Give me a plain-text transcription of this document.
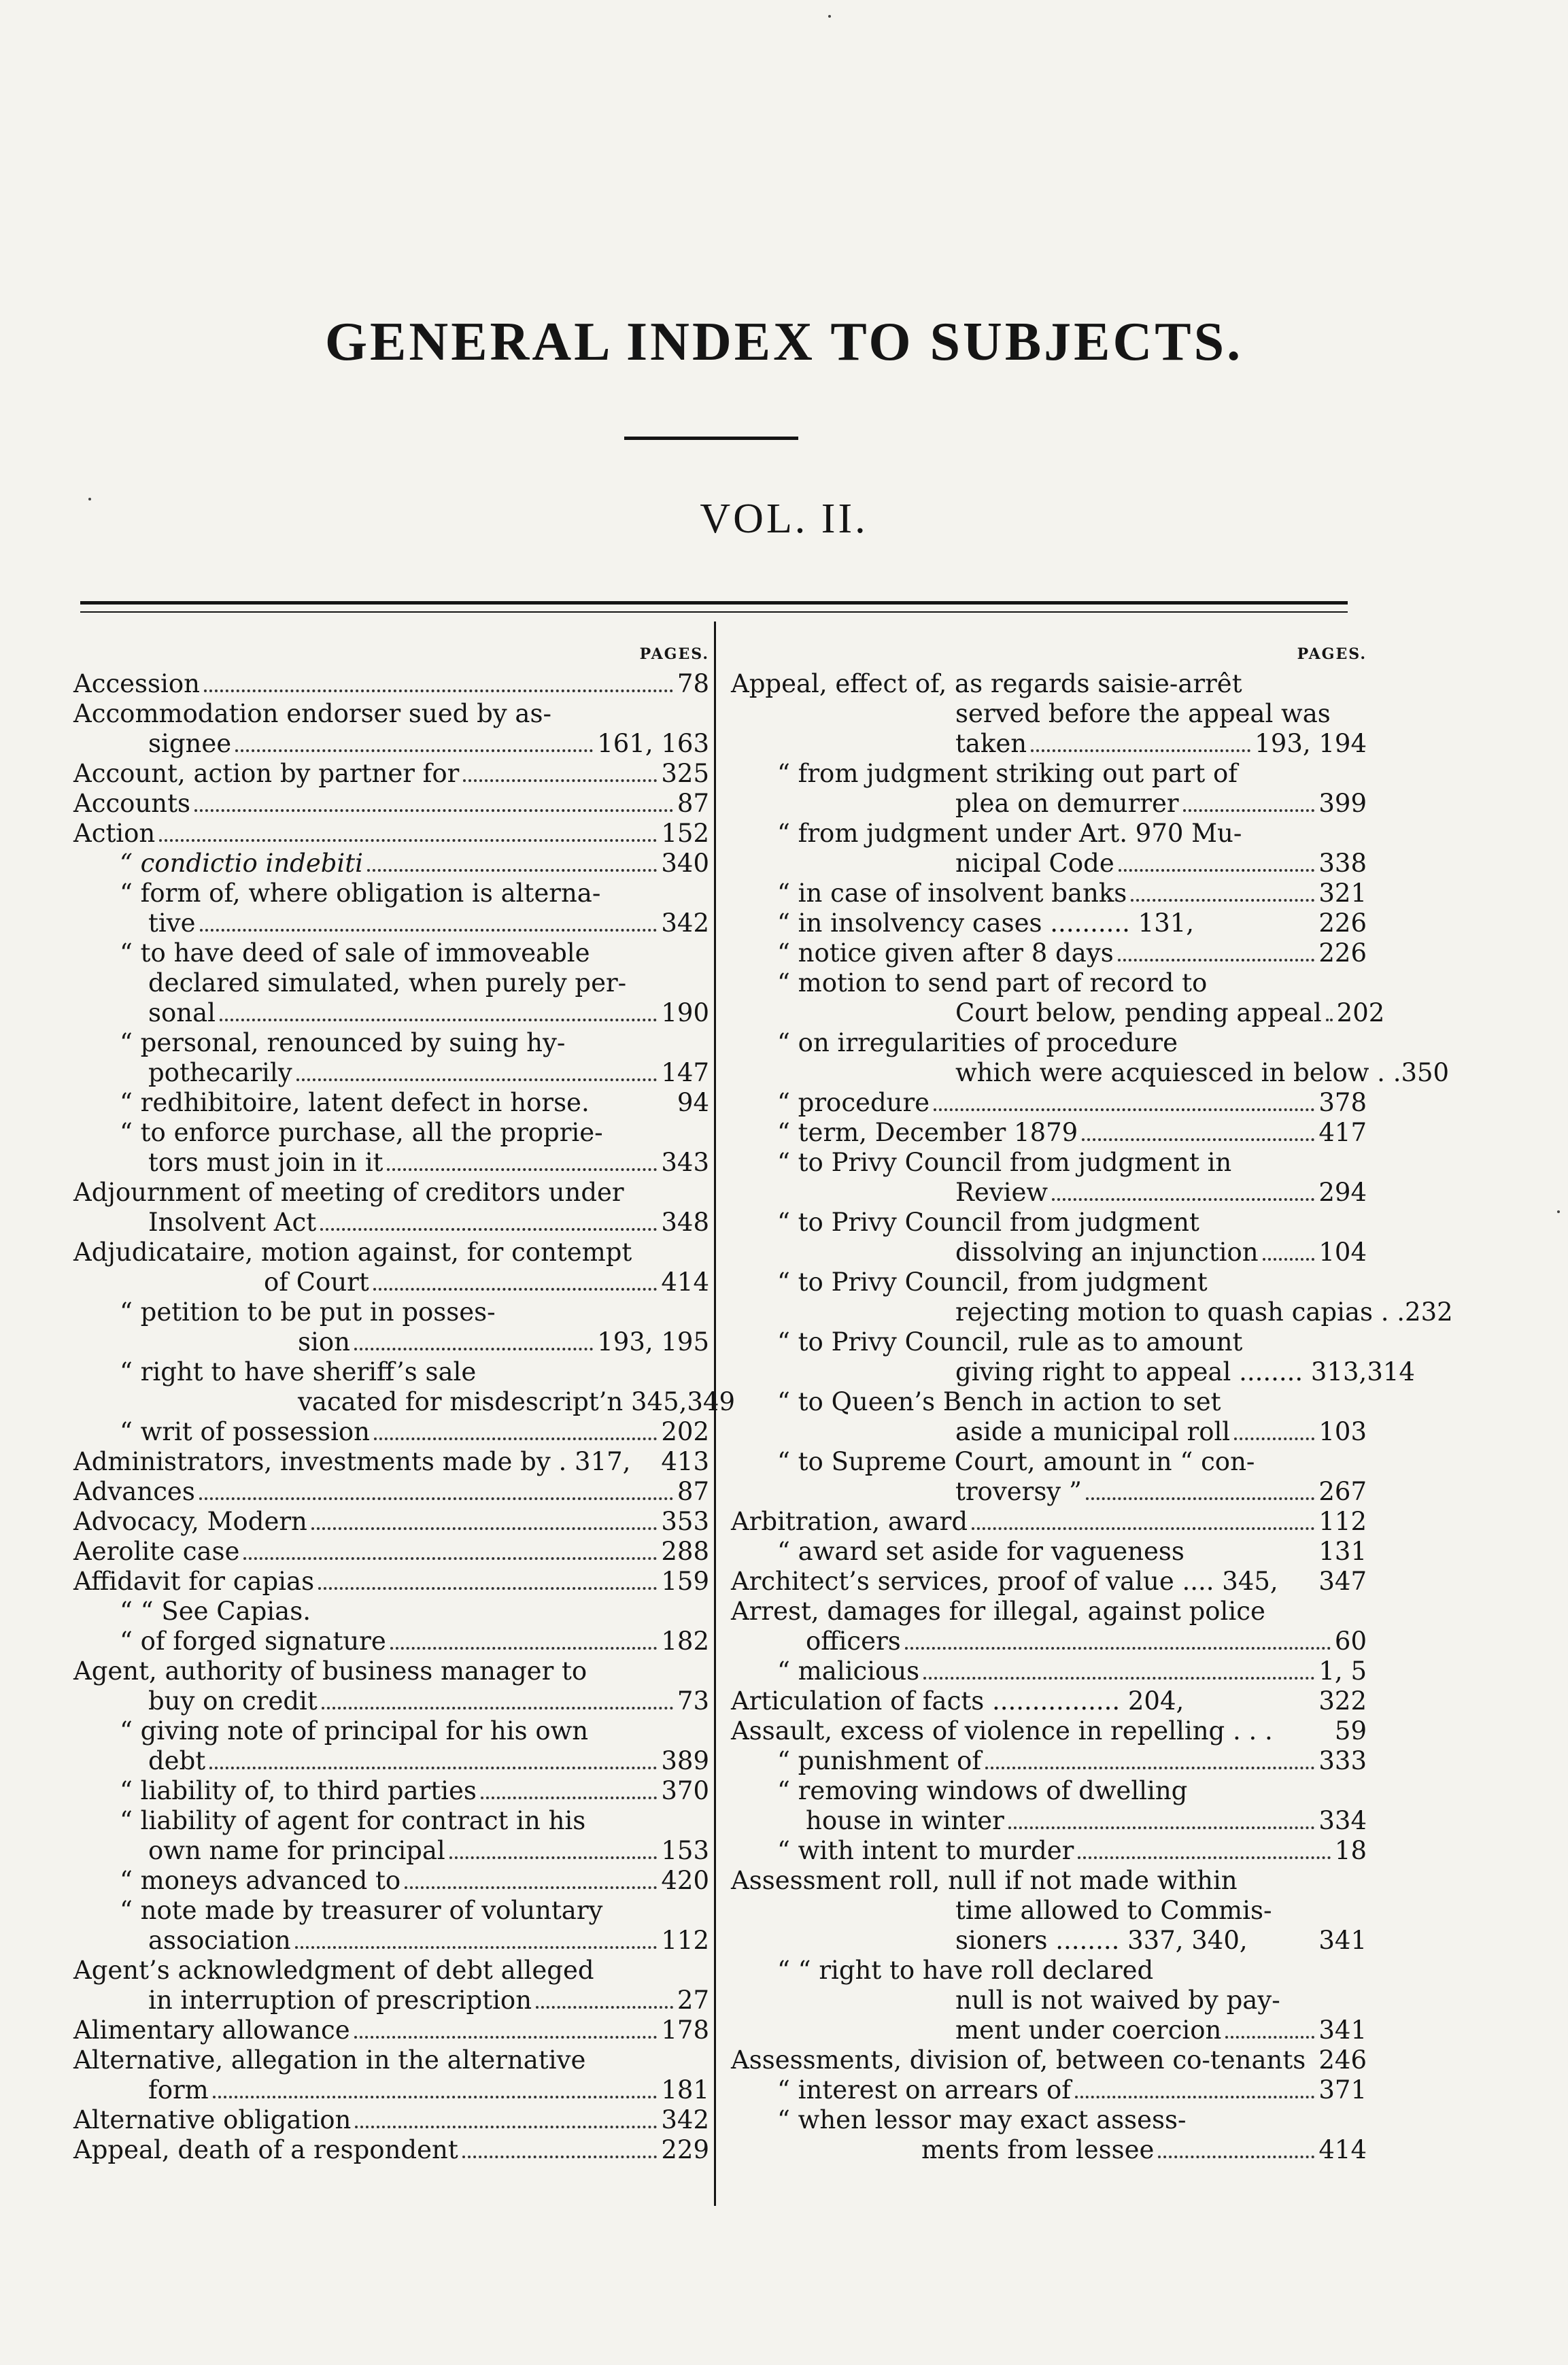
GENERAL INDEX TO SUBJECTS.
VOL. II.
PAGES.
Accession	78
Accommodation endorser sued by as-
signee	161, 163
Account, action by partner for	325
Accounts	87
Action	152
“ condictio indebiti	340
“ form of, where obligation is alterna-
tive	342
“ to have deed of sale of immoveable
declared simulated, when purely per-
sonal	190
“ personal, renounced by suing hy-
pothecarily	147
“ redhibitoire, latent defect in horse.	94
“ to enforce purchase, all the proprie-
tors must join in it	343
Adjournment of meeting of creditors under
Insolvent Act	348
Adjudicataire, motion against, for contempt
of Court	414
“ petition to be put in posses-
sion	193, 195
“ right to have sheriff’s sale
vacated for misdescript’n 345, 349
“ writ of possession	202
Administrators, investments made by . 317, 413
Advances	87
Advocacy, Modern	353
Aerolite case	288
Affidavit for capias	159
“ “ See Capias.
“ of forged signature	182
Agent, authority of business manager to
buy on credit	73
“ giving note of principal for his own
debt	389
“ liability of, to third parties	370
“ liability of agent for contract in his
own name for principal	153
“ moneys advanced to	420
“ note made by treasurer of voluntary
association	112
Agent’s acknowledgment of debt alleged
in interruption of prescription	27
Alimentary allowance	178
Alternative, allegation in the alternative
form	181
Alternative obligation	342
Appeal, death of a respondent	229
PAGES.
Appeal, effect of, as regards saisie-arrêt
served before the appeal was
taken	193, 194
“ from judgment striking out part of
plea on demurrer	399
“ from judgment under Art. 970 Mu-
nicipal Code	338
“ in case of insolvent banks	321
“ in insolvency cases .......... 131,	226
“ notice given after 8 days	226
“ motion to send part of record to
Court below, pending appeal 202
“ on irregularities of procedure
which were acquiesced in below . . 350
“ procedure	378
“ term, December 1879	417
“ to Privy Council from judgment in
Review	294
“ to Privy Council from judgment
dissolving an injunction 104
“ to Privy Council, from judgment
rejecting motion to quash capias . . 232
“ to Privy Council, rule as to amount
giving right to appeal ........ 313, 314
“ to Queen’s Bench in action to set
aside a municipal roll	103
“ to Supreme Court, amount in “ con-
troversy ”	267
Arbitration, award	112
“ award set aside for vagueness	131
Architect’s services, proof of value .... 345, 347
Arrest, damages for illegal, against police
officers	60
“ malicious	1, 5
Articulation of facts ................ 204,	322
Assault, excess of violence in repelling . . . 59
“ punishment of	333
“ removing windows of dwelling
house in winter	334
“ with intent to murder	18
Assessment roll, null if not made within
time allowed to Commis-
sioners ........ 337, 340,	341
“ “ right to have roll declared
null is not waived by pay-
ment under coercion	341
Assessments, division of, between co-tenants 246
“ interest on arrears of	371
“ when lessor may exact assess-
ments from lessee	414
